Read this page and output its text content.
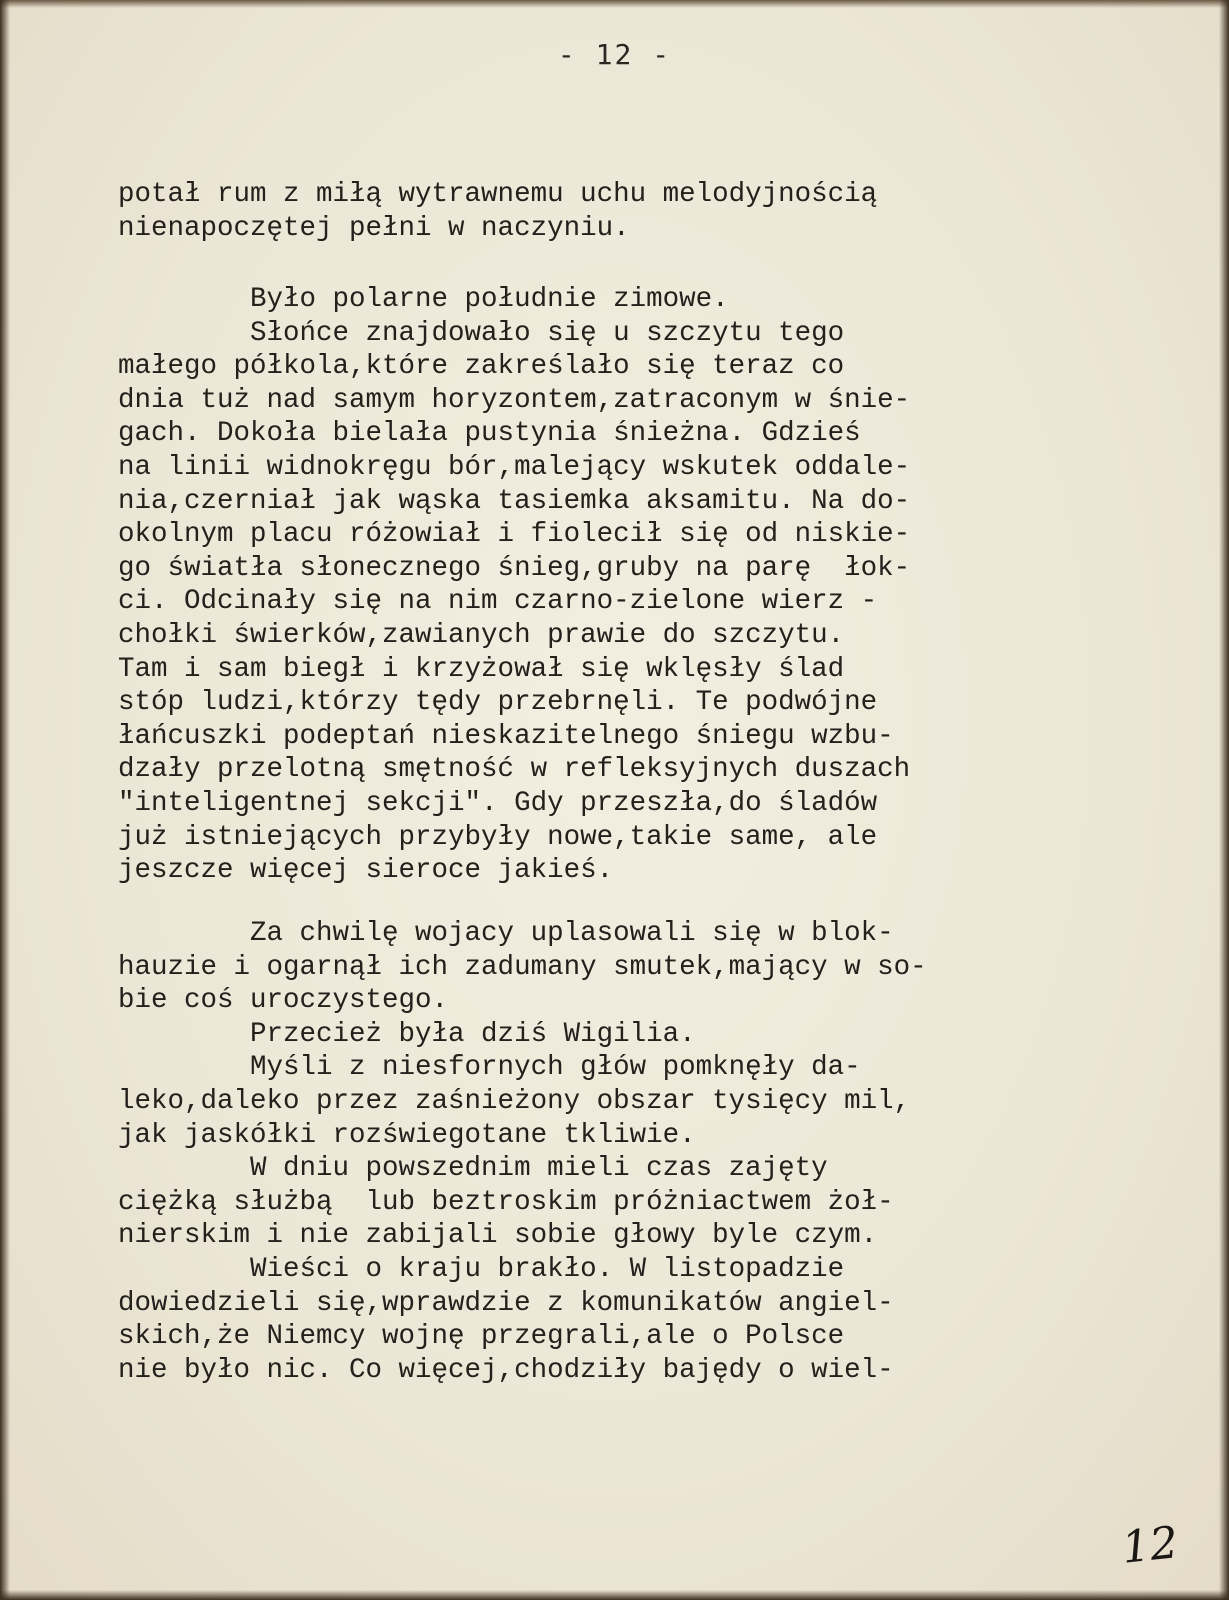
- 12 -
potał rum z miłą wytrawnemu uchu melodyjnością
nienapoczętej pełni w naczyniu.
Było polarne południe zimowe.
Słońce znajdowało się u szczytu tego
małego półkola,które zakreślało się teraz co
dnia tuż nad samym horyzontem,zatraconym w śnie-
gach. Dokoła bielała pustynia śnieżna. Gdzieś
na linii widnokręgu bór,malejący wskutek oddale-
nia,czerniał jak wąska tasiemka aksamitu. Na do-
okolnym placu różowiał i fiolecił się od niskie-
go światła słonecznego śnieg,gruby na parę  łok-
ci. Odcinały się na nim czarno-zielone wierz -
chołki świerków,zawianych prawie do szczytu.
Tam i sam biegł i krzyżował się wklęsły ślad
stóp ludzi,którzy tędy przebrnęli. Te podwójne
łańcuszki podeptań nieskazitelnego śniegu wzbu-
dzały przelotną smętność w refleksyjnych duszach
"inteligentnej sekcji". Gdy przeszła,do śladów
już istniejących przybyły nowe,takie same, ale
jeszcze więcej sieroce jakieś.
Za chwilę wojacy uplasowali się w blok-
hauzie i ogarnął ich zadumany smutek,mający w so-
bie coś uroczystego.
Przecież była dziś Wigilia.
Myśli z niesfornych głów pomknęły da-
leko,daleko przez zaśnieżony obszar tysięcy mil,
jak jaskółki rozświegotane tkliwie.
W dniu powszednim mieli czas zajęty
ciężką służbą  lub beztroskim próżniactwem żoł-
nierskim i nie zabijali sobie głowy byle czym.
Wieści o kraju brakło. W listopadzie
dowiedzieli się,wprawdzie z komunikatów angiel-
skich,że Niemcy wojnę przegrali,ale o Polsce
nie było nic. Co więcej,chodziły bajędy o wiel-
12
